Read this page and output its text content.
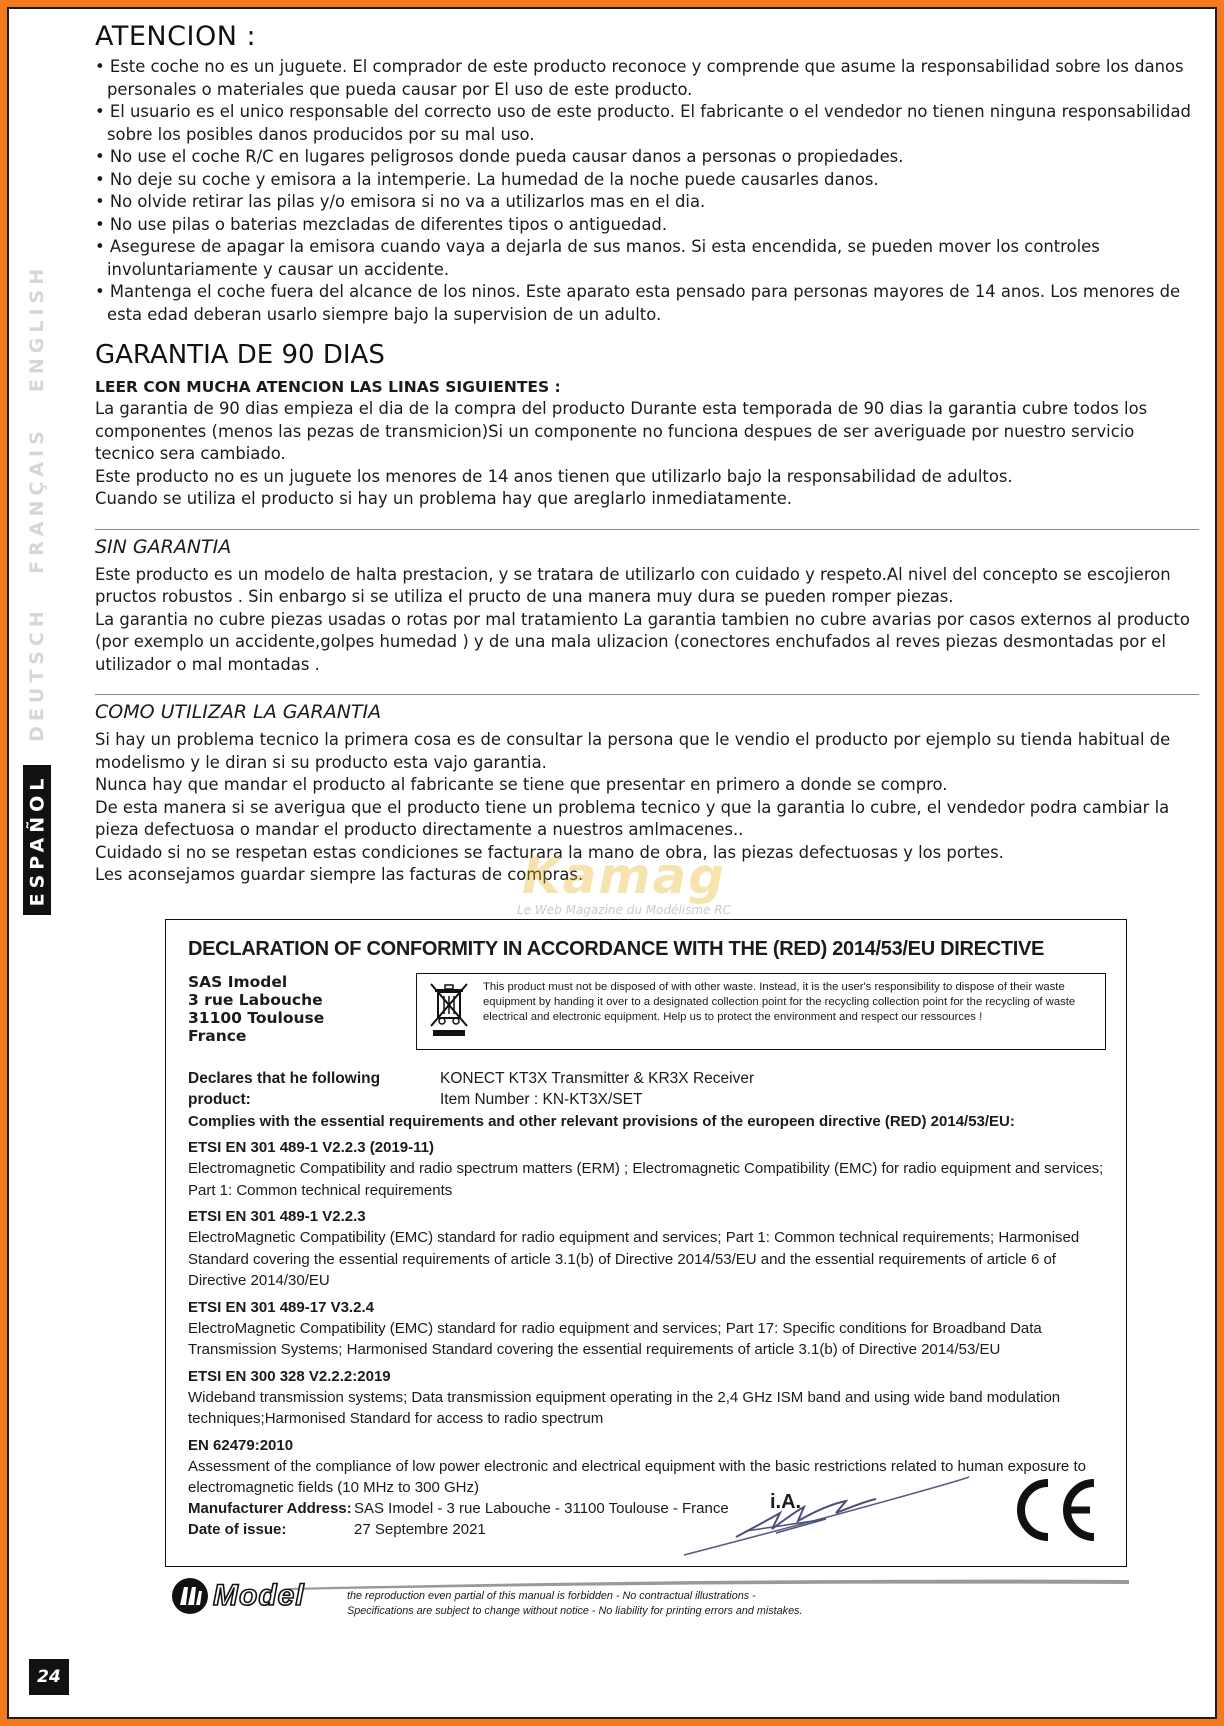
ENGLISH
FRANÇAIS
DEUTSCH
ESPAÑOL
24
ATENCION :
• Este coche no es un juguete. El comprador de este producto reconoce y comprende que asume la responsabilidad sobre los danos personales o materiales que pueda causar por El uso de este producto.
• El usuario es el unico responsable del correcto uso de este producto. El fabricante o el vendedor no tienen ninguna responsabilidad sobre los posibles danos producidos por su mal uso.
• No use el coche R/C en lugares peligrosos donde pueda causar danos a personas o propiedades.
• No deje su coche y emisora a la intemperie. La humedad de la noche puede causarles danos.
• No olvide retirar las pilas y/o emisora si no va a utilizarlos mas en el dia.
• No use pilas o baterias mezcladas de diferentes tipos o antiguedad.
• Asegurese de apagar la emisora cuando vaya a dejarla de sus manos. Si esta encendida, se pueden mover los controles involuntariamente y causar un accidente.
• Mantenga el coche fuera del alcance de los ninos. Este aparato esta pensado para personas mayores de 14 anos. Los menores de esta edad deberan usarlo siempre bajo la supervision de un adulto.
GARANTIA DE 90 DIAS
LEER CON MUCHA ATENCION LAS LINAS SIGUIENTES :

La garantia de 90 dias empieza el dia de la compra del producto Durante esta temporada de 90 dias la garantia cubre todos los componentes (menos las pezas de transmicion)Si un componente no funciona despues de ser averiguade por nuestro servicio tecnico sera cambiado.

Este producto no es un juguete los menores de 14 anos tienen que utilizarlo bajo la responsabilidad de adultos.

Cuando se utiliza el producto si hay un problema hay que areglarlo inmediatamente.

SIN GARANTIA

Este producto es un modelo de halta prestacion, y se tratara de utilizarlo con cuidado y respeto.Al nivel del concepto se escojieron pructos robustos . Sin enbargo si se utiliza el pructo de una manera muy dura se pueden romper piezas.

La garantia no cubre piezas usadas o rotas por mal tratamiento La garantia tambien no cubre avarias por casos externos al producto (por exemplo un accidente,golpes humedad ) y de una mala ulizacion (conectores enchufados al reves piezas desmontadas por el utilizador o mal montadas .

COMO UTILIZAR LA GARANTIA

Si hay un problema tecnico la primera cosa es de consultar la persona que le vendio el producto por ejemplo su tienda habitual de modelismo y le diran si su producto esta vajo garantia.

Nunca hay que mandar el producto al fabricante se tiene que presentar en primero a donde se compro.

De esta manera si se averigua que el producto tiene un problema tecnico y que la garantia lo cubre, el vendedor podra cambiar la pieza defectuosa o mandar el producto directamente a nuestros amlmacenes..

Cuidado si no se respetan estas condiciones se facturara la mano de obra, las piezas defectuosas y los portes.

Les aconsejamos guardar siempre las facturas de compras.

Kamag
Le Web Magazine du Modélisme RC
DECLARATION OF CONFORMITY IN ACCORDANCE WITH THE (RED) 2014/53/EU DIRECTIVE
SAS Imodel
3 rue Labouche
31100 Toulouse
France
This product must not be disposed of with other waste. Instead, it is the user's responsibility to dispose of their waste equipment by handing it over to a designated collection point for the recycling collection point for the recycling of waste electrical and electronic equipment. Help us to protect the environment and respect our ressources !
Declares that he following product:
KONECT KT3X Transmitter & KR3X Receiver
Item Number : KN-KT3X/SET
Complies with the essential requirements and other relevant provisions of the europeen directive (RED) 2014/53/EU:
ETSI EN 301 489-1 V2.2.3 (2019-11)
Electromagnetic Compatibility and radio spectrum matters (ERM) ; Electromagnetic Compatibility (EMC) for radio equipment and services; Part 1: Common technical requirements
ETSI EN 301 489-1 V2.2.3
ElectroMagnetic Compatibility (EMC) standard for radio equipment and services; Part 1: Common technical requirements; Harmonised Standard covering the essential requirements of article 3.1(b) of Directive 2014/53/EU and the essential requirements of article 6 of Directive 2014/30/EU
ETSI EN 301 489-17 V3.2.4
ElectroMagnetic Compatibility (EMC) standard for radio equipment and services; Part 17: Specific conditions for Broadband Data Transmission Systems; Harmonised Standard covering the essential requirements of article 3.1(b) of Directive 2014/53/EU
ETSI EN 300 328 V2.2.2:2019
Wideband transmission systems; Data transmission equipment operating in the 2,4 GHz ISM band and using wide band modulation techniques;Harmonised Standard for access to radio spectrum
EN 62479:2010
Assessment of the compliance of low power electronic and electrical equipment with the basic restrictions related to human exposure to electromagnetic fields (10 MHz to 300 GHz)
Manufacturer Address: SAS Imodel - 3 rue Labouche - 31100 Toulouse - France
Date of issue:	27 Septembre 2021
i.A.
Model	the reproduction even partial of this manual is forbidden - No contractual illustrations -
Specifications are subject to change without notice - No liability for printing errors and mistakes.
